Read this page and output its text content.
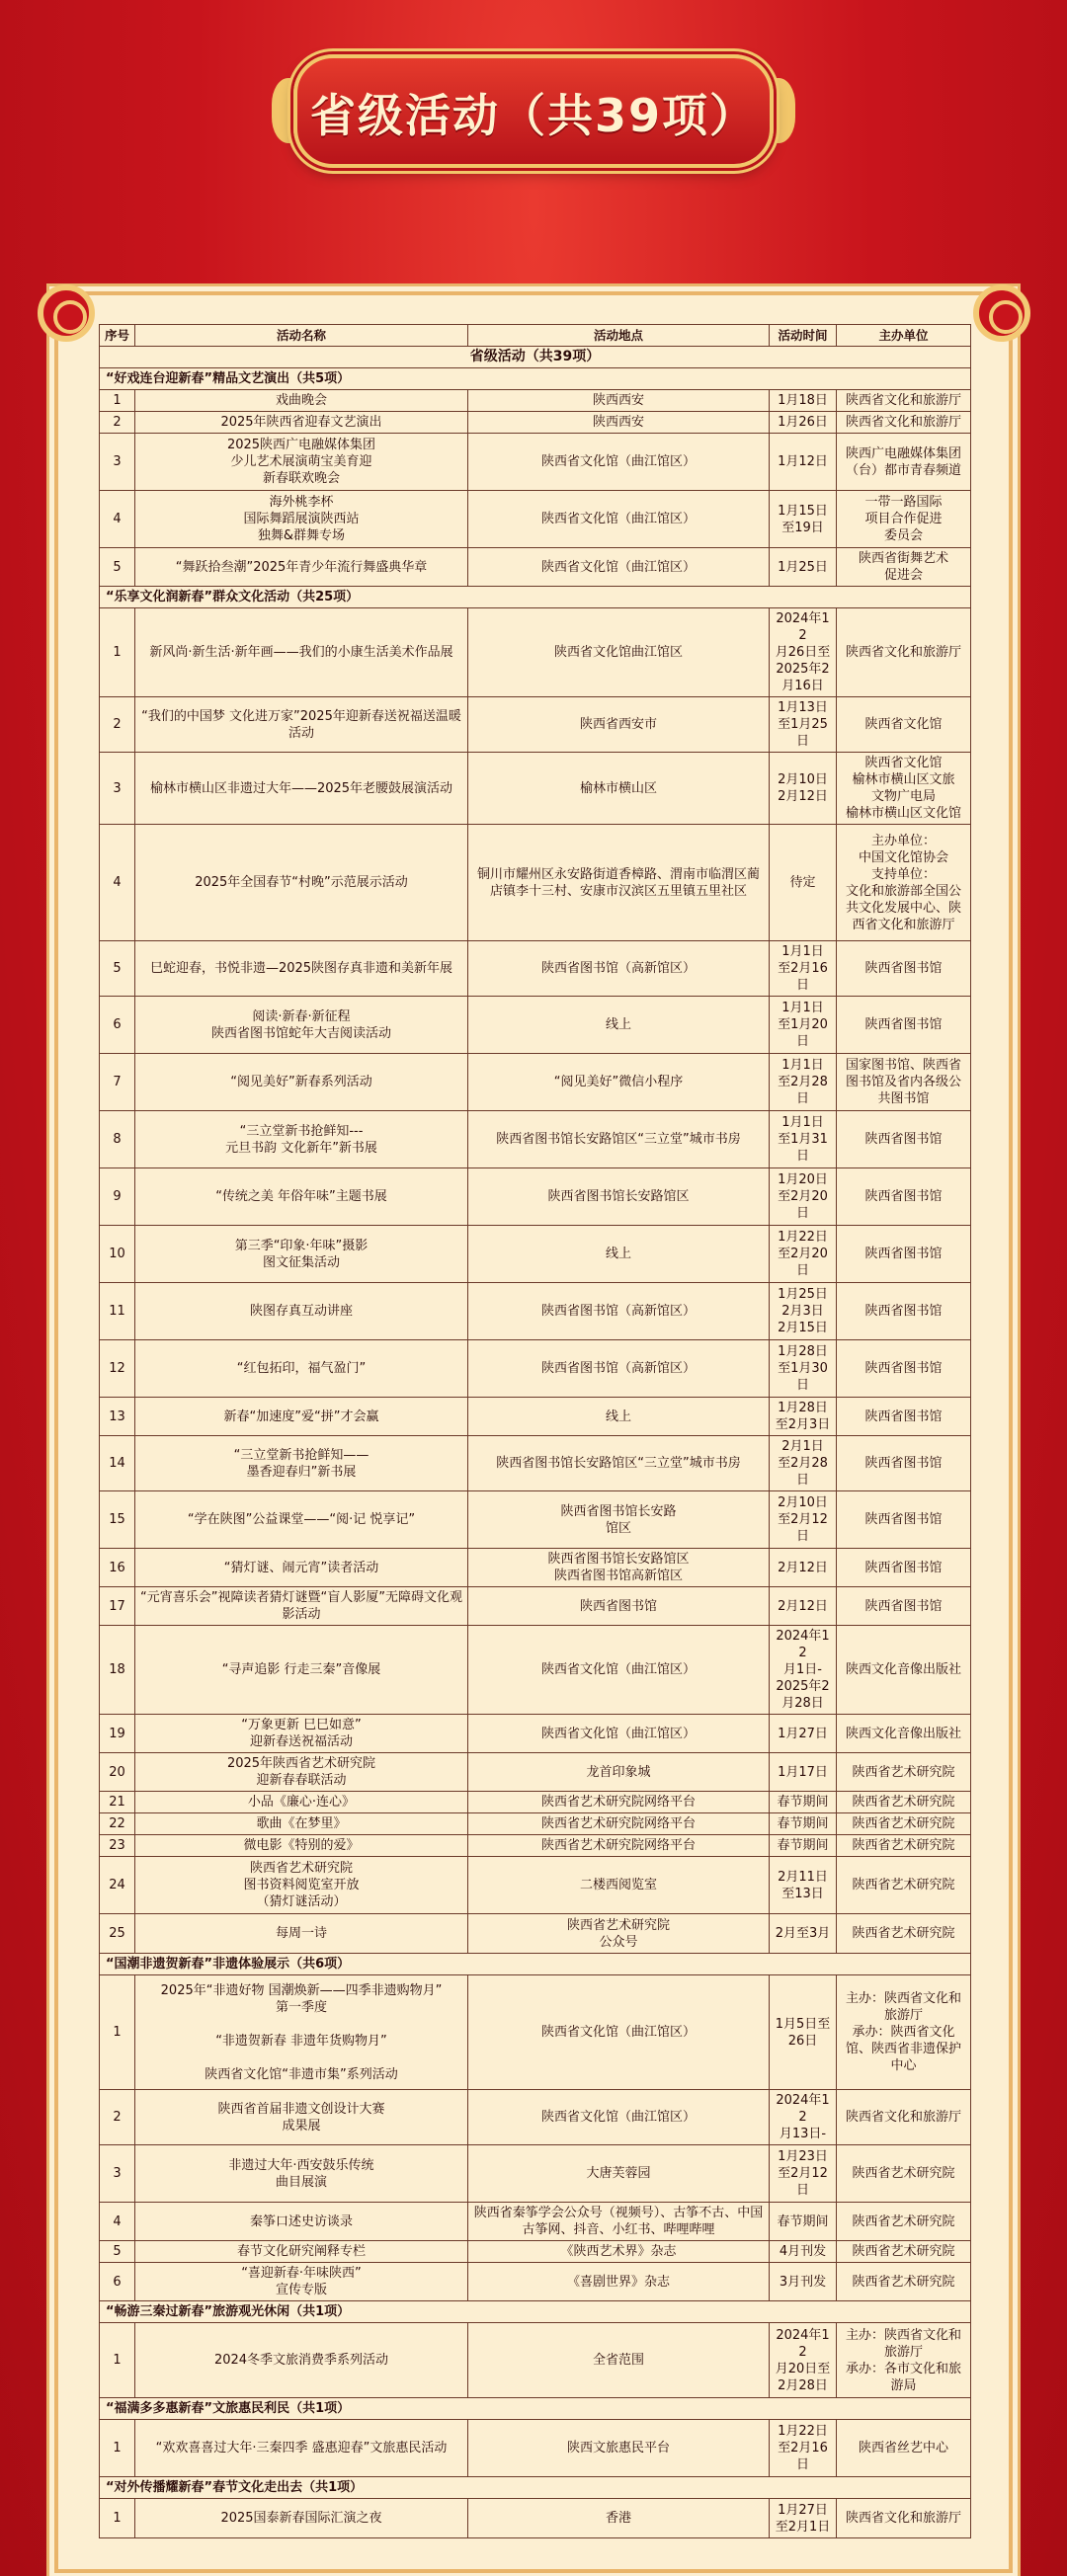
省级活动（共39项）
序号	活动名称	活动地点	活动时间	主办单位
省级活动（共39项）				
“好戏连台迎新春”精品文艺演出（共5项）				
1	戏曲晚会	陕西西安	1月18日	陕西省文化和旅游厅
2	2025年陕西省迎春文艺演出	陕西西安	1月26日	陕西省文化和旅游厅
3	2025陕西广电融媒体集团
少儿艺术展演萌宝美育迎
新春联欢晚会	陕西省文化馆（曲江馆区）	1月12日	陕西广电融媒体集团（台）都市青春频道
4	海外桃李杯
国际舞蹈展演陕西站
独舞&群舞专场	陕西省文化馆（曲江馆区）	1月15日
至19日	一带一路国际
项目合作促进
委员会
5	“舞跃拾叁潮”2025年青少年流行舞盛典华章	陕西省文化馆（曲江馆区）	1月25日	陕西省街舞艺术
促进会
“乐享文化润新春”群众文化活动（共25项）				
1	新风尚·新生活·新年画——我们的小康生活美术作品展	陕西省文化馆曲江馆区	2024年12
月26日至
2025年2
月16日	陕西省文化和旅游厅
2	“我们的中国梦 文化进万家”2025年迎新春送祝福送温暖活动	陕西省西安市	1月13日
至1月25
日	陕西省文化馆
3	榆林市横山区非遗过大年——2025年老腰鼓展演活动	榆林市横山区	2月10日
2月12日	陕西省文化馆
榆林市横山区文旅
文物广电局
榆林市横山区文化馆
4	2025年全国春节“村晚”示范展示活动	铜川市耀州区永安路街道香樟路、渭南市临渭区蔺店镇李十三村、安康市汉滨区五里镇五里社区	待定	主办单位：
中国文化馆协会
支持单位：
文化和旅游部全国公共文化发展中心、陕西省文化和旅游厅
5	巳蛇迎春，书悦非遗—2025陕图存真非遗和美新年展	陕西省图书馆（高新馆区）	1月1日
至2月16
日	陕西省图书馆
6	阅读·新春·新征程
陕西省图书馆蛇年大吉阅读活动	线上	1月1日
至1月20
日	陕西省图书馆
7	“阅见美好”新春系列活动	“阅见美好”微信小程序	1月1日
至2月28
日	国家图书馆、陕西省图书馆及省内各级公共图书馆
8	“三立堂新书抢鲜知---
元旦书韵 文化新年”新书展	陕西省图书馆长安路馆区“三立堂”城市书房	1月1日
至1月31
日	陕西省图书馆
9	“传统之美 年俗年味”主题书展	陕西省图书馆长安路馆区	1月20日
至2月20
日	陕西省图书馆
10	第三季“印象·年味”摄影
图文征集活动	线上	1月22日
至2月20
日	陕西省图书馆
11	陕图存真互动讲座	陕西省图书馆（高新馆区）	1月25日
2月3日
2月15日	陕西省图书馆
12	“红包拓印，福气盈门”	陕西省图书馆（高新馆区）	1月28日
至1月30
日	陕西省图书馆
13	新春“加速度”爱“拼”才会赢	线上	1月28日
至2月3日	陕西省图书馆
14	“三立堂新书抢鲜知——
墨香迎春归”新书展	陕西省图书馆长安路馆区“三立堂”城市书房	2月1日
至2月28
日	陕西省图书馆
15	“学在陕图”公益课堂——“阅·记 悦享记”	陕西省图书馆长安路
馆区	2月10日
至2月12
日	陕西省图书馆
16	“猜灯谜、闹元宵”读者活动	陕西省图书馆长安路馆区
陕西省图书馆高新馆区	2月12日	陕西省图书馆
17	“元宵喜乐会”视障读者猜灯谜暨“盲人影厦”无障碍文化观影活动	陕西省图书馆	2月12日	陕西省图书馆
18	“寻声追影 行走三秦”音像展	陕西省文化馆（曲江馆区）	2024年12
月1日-
2025年2
月28日	陕西文化音像出版社
19	“万象更新 巳巳如意”
迎新春送祝福活动	陕西省文化馆（曲江馆区）	1月27日	陕西文化音像出版社
20	2025年陕西省艺术研究院
迎新春春联活动	龙首印象城	1月17日	陕西省艺术研究院
21	小品《廉心·连心》	陕西省艺术研究院网络平台	春节期间	陕西省艺术研究院
22	歌曲《在梦里》	陕西省艺术研究院网络平台	春节期间	陕西省艺术研究院
23	微电影《特别的爱》	陕西省艺术研究院网络平台	春节期间	陕西省艺术研究院
24	陕西省艺术研究院
图书资料阅览室开放
（猜灯谜活动）	二楼西阅览室	2月11日
至13日	陕西省艺术研究院
25	每周一诗	陕西省艺术研究院
公众号	2月至3月	陕西省艺术研究院
“国潮非遗贺新春”非遗体验展示（共6项）				
1	2025年“非遗好物 国潮焕新——四季非遗购物月”
第一季度

“非遗贺新春 非遗年货购物月”

陕西省文化馆“非遗市集”系列活动	陕西省文化馆（曲江馆区）	1月5日至
26日	主办：陕西省文化和旅游厅
承办：陕西省文化馆、陕西省非遗保护中心
2	陕西省首届非遗文创设计大赛
成果展	陕西省文化馆（曲江馆区）	2024年12
月13日-	陕西省文化和旅游厅
3	非遗过大年·西安鼓乐传统
曲目展演	大唐芙蓉园	1月23日
至2月12
日	陕西省艺术研究院
4	秦筝口述史访谈录	陕西省秦筝学会公众号（视频号）、古筝不古、中国古筝网、抖音、小红书、哔哩哔哩	春节期间	陕西省艺术研究院
5	春节文化研究阐释专栏	《陕西艺术界》杂志	4月刊发	陕西省艺术研究院
6	“喜迎新春·年味陕西”
宣传专版	《喜剧世界》杂志	3月刊发	陕西省艺术研究院
“畅游三秦过新春”旅游观光休闲（共1项）				
1	2024冬季文旅消费季系列活动	全省范围	2024年12
月20日至
2月28日	主办：陕西省文化和旅游厅
承办：各市文化和旅游局
“福满多多惠新春”文旅惠民利民（共1项）				
1	“欢欢喜喜过大年·三秦四季 盛惠迎春”文旅惠民活动	陕西文旅惠民平台	1月22日
至2月16
日	陕西省丝艺中心
“对外传播耀新春”春节文化走出去（共1项）				
1	2025国泰新春国际汇演之夜	香港	1月27日
至2月1日	陕西省文化和旅游厅
